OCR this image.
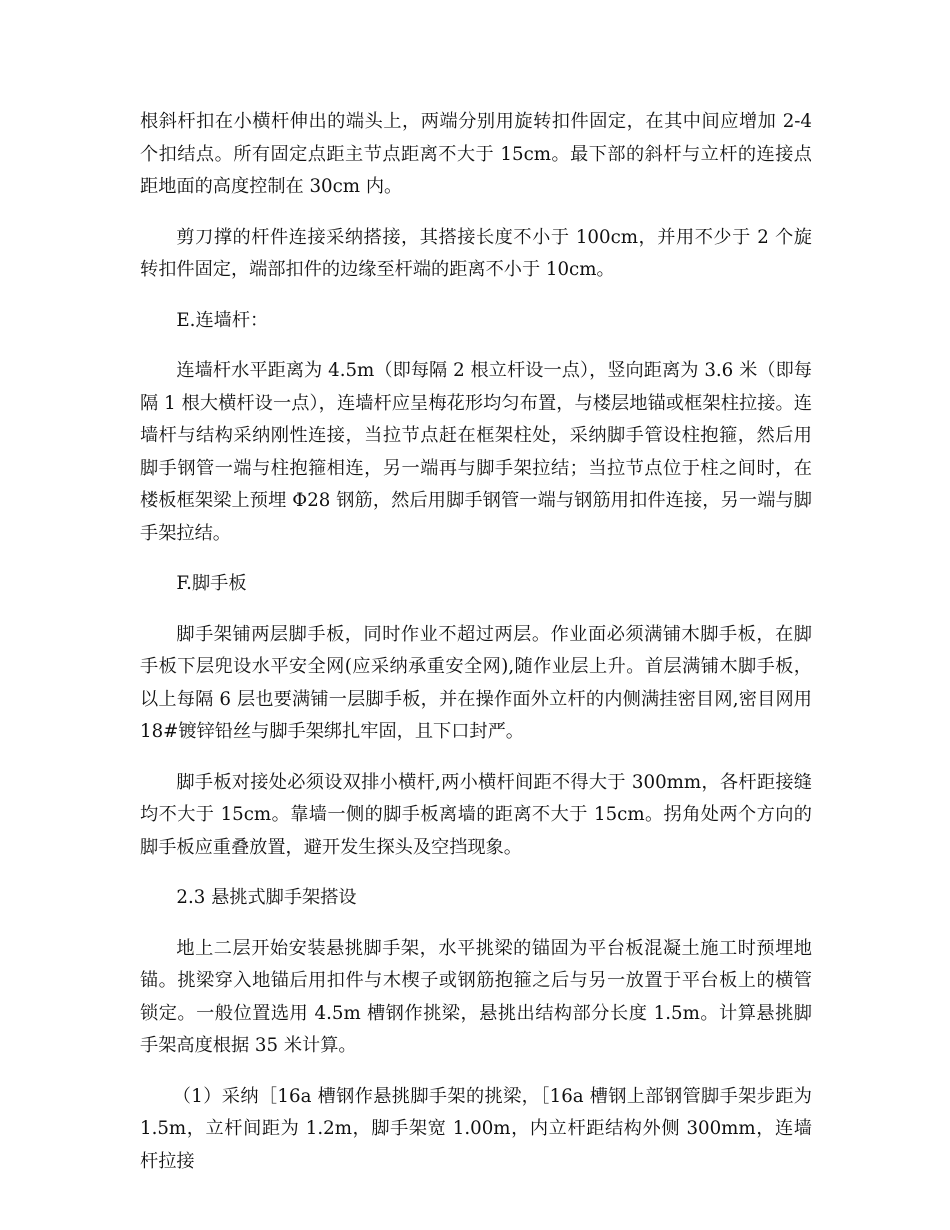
根斜杆扣在小横杆伸出的端头上，两端分别用旋转扣件固定，在其中间应增加 2-4 个扣结点。所有固定点距主节点距离不大于 15cm。最下部的斜杆与立杆的连接点距地面的高度控制在 30cm 内。

剪刀撑的杆件连接采纳搭接，其搭接长度不小于 100cm，并用不少于 2 个旋转扣件固定，端部扣件的边缘至杆端的距离不小于 10cm。

E.连墙杆：

连墙杆水平距离为 4.5m（即每隔 2 根立杆设一点），竖向距离为 3.6 米（即每隔 1 根大横杆设一点），连墙杆应呈梅花形均匀布置，与楼层地锚或框架柱拉接。连墙杆与结构采纳刚性连接，当拉节点赶在框架柱处，采纳脚手管设柱抱箍，然后用脚手钢管一端与柱抱箍相连，另一端再与脚手架拉结；当拉节点位于柱之间时，在楼板框架梁上预埋 Φ28 钢筋，然后用脚手钢管一端与钢筋用扣件连接，另一端与脚手架拉结。

F.脚手板

脚手架铺两层脚手板，同时作业不超过两层。作业面必须满铺木脚手板，在脚手板下层兜设水平安全网(应采纳承重安全网),随作业层上升。首层满铺木脚手板，以上每隔 6 层也要满铺一层脚手板，并在操作面外立杆的内侧满挂密目网,密目网用 18#镀锌铅丝与脚手架绑扎牢固，且下口封严。

脚手板对接处必须设双排小横杆,两小横杆间距不得大于 300mm，各杆距接缝均不大于 15cm。靠墙一侧的脚手板离墙的距离不大于 15cm。拐角处两个方向的脚手板应重叠放置，避开发生探头及空挡现象。

2.3 悬挑式脚手架搭设

地上二层开始安装悬挑脚手架，水平挑梁的锚固为平台板混凝土施工时预埋地锚。挑梁穿入地锚后用扣件与木楔子或钢筋抱箍之后与另一放置于平台板上的横管锁定。一般位置选用 4.5m 槽钢作挑梁，悬挑出结构部分长度 1.5m。计算悬挑脚手架高度根据 35 米计算。

（1）采纳［16a 槽钢作悬挑脚手架的挑梁，［16a 槽钢上部钢管脚手架步距为 1.5m，立杆间距为 1.2m，脚手架宽 1.00m，内立杆距结构外侧 300mm，连墙杆拉接
